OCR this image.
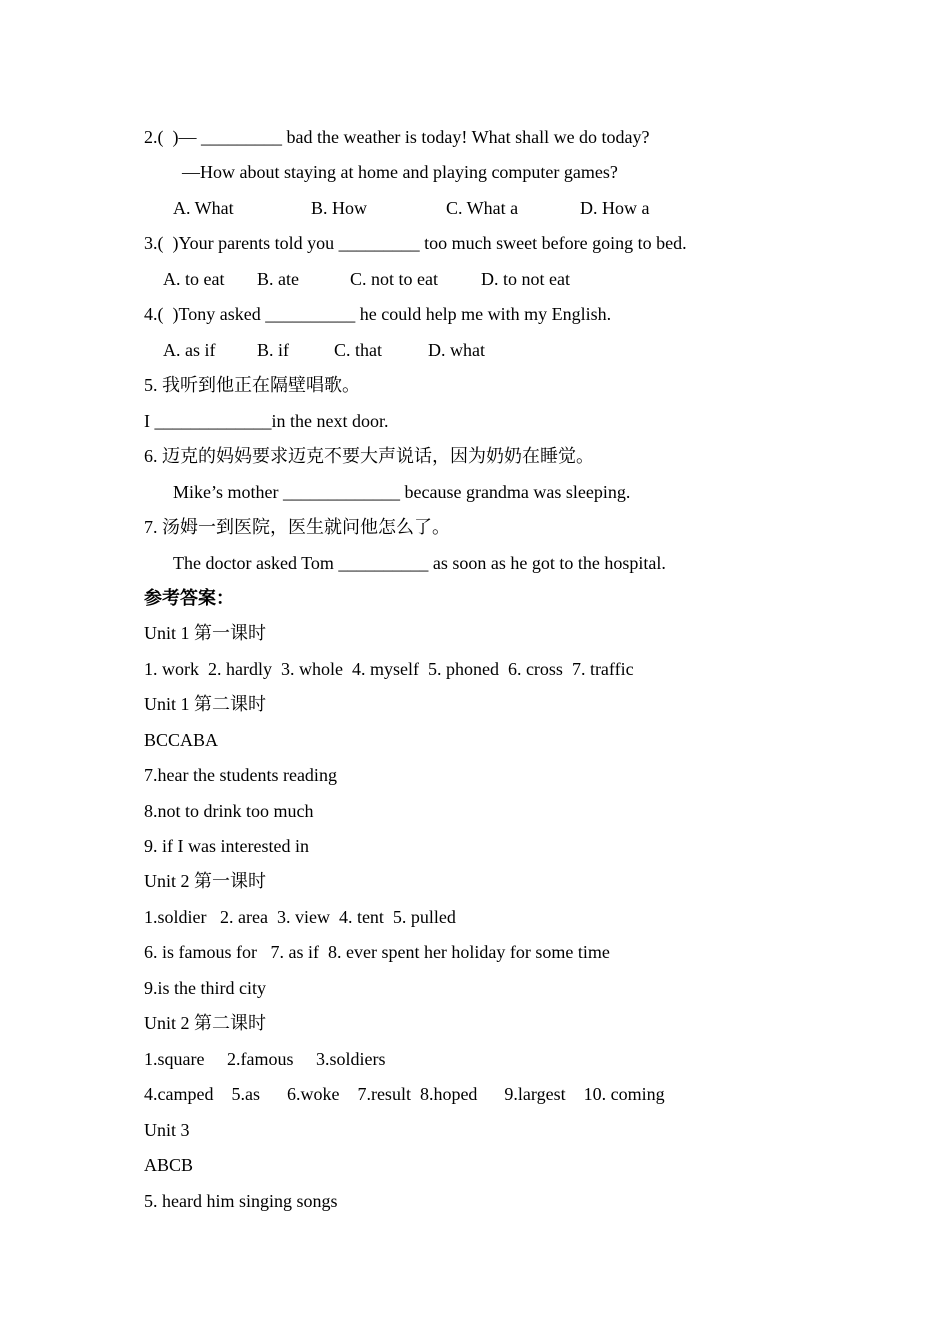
2.(  )— _________ bad the weather is today! What shall we do today?
—How about staying at home and playing computer games?
A. What	B. How	C. What a	D. How a
3.(  )Your parents told you _________ too much sweet before going to bed.
A. to eat B. ate	C. not to eat D. to not eat
4.(  )Tony asked __________ he could help me with my English.
A. as if B. if C. that	D. what
5. 我听到他正在隔壁唱歌。
I _____________in the next door.
6. 迈克的妈妈要求迈克不要大声说话，因为奶奶在睡觉。
Mike’s mother _____________ because grandma was sleeping.
7. 汤姆一到医院，医生就问他怎么了。
The doctor asked Tom __________ as soon as he got to the hospital.
参考答案：
Unit 1 第一课时
1. work  2. hardly  3. whole  4. myself  5. phoned  6. cross  7. traffic
Unit 1 第二课时
BCCABA
7.hear the students reading
8.not to drink too much
9. if I was interested in
Unit 2 第一课时
1.soldier   2. area  3. view  4. tent  5. pulled
6. is famous for   7. as if  8. ever spent her holiday for some time
9.is the third city
Unit 2 第二课时
1.square     2.famous     3.soldiers
4.camped    5.as      6.woke    7.result  8.hoped      9.largest    10. coming
Unit 3
ABCB
5. heard him singing songs
